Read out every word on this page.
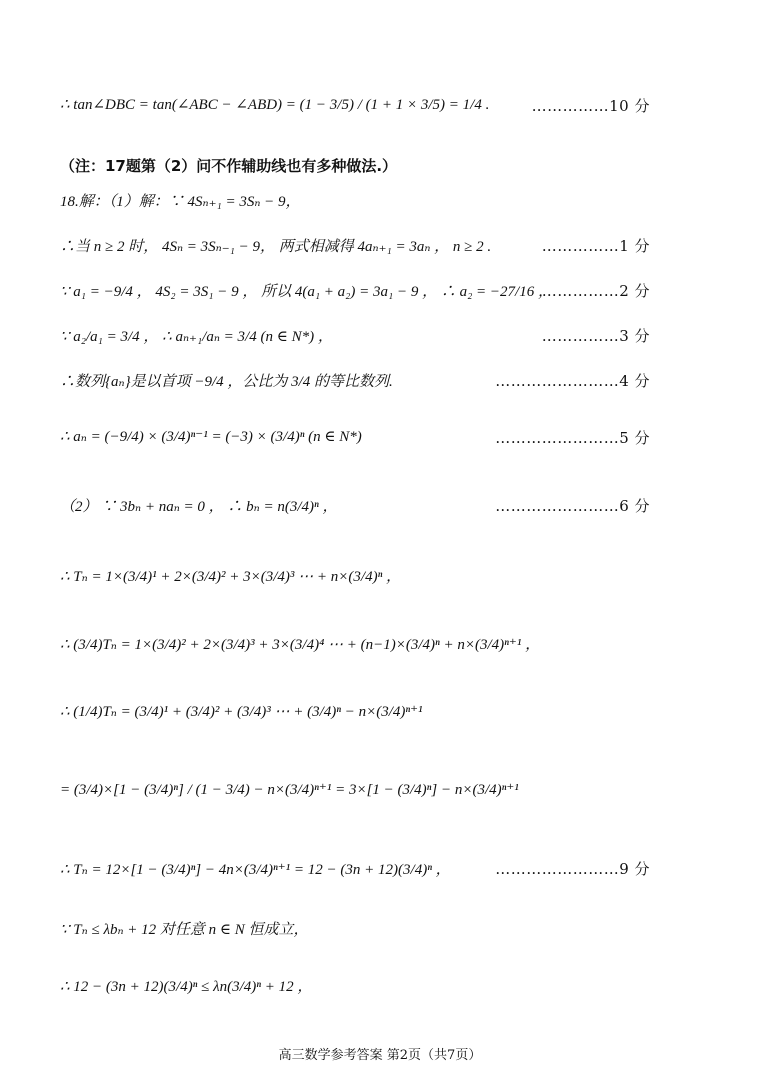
∴ tan∠DBC = tan(∠ABC − ∠ABD) = (1 − 3/5) / (1 + 1 × 3/5) = 1/4 .	……………10 分
（注：17题第（2）问不作辅助线也有多种做法.）
18.解：（1）解：∵ 4Sₙ₊₁ = 3Sₙ − 9，
∴当 n ≥ 2 时， 4Sₙ = 3Sₙ₋₁ − 9， 两式相减得 4aₙ₊₁ = 3aₙ ， n ≥ 2 .	……………1 分
∵ a₁ = −9/4 ， 4S₂ = 3S₁ − 9 ， 所以 4(a₁ + a₂) = 3a₁ − 9 ， ∴ a₂ = −27/16 ，
……………2 分
∵ a₂/a₁ = 3/4 ， ∴ aₙ₊₁/aₙ = 3/4 (n ∈ N*) ，	……………3 分
∴数列{aₙ}是以首项 −9/4 ，公比为 3/4 的等比数列.	……………………4 分
∴ aₙ = (−9/4) × (3/4)ⁿ⁻¹ = (−3) × (3/4)ⁿ (n ∈ N*)	……………………5 分
（2） ∵ 3bₙ + naₙ = 0 ， ∴ bₙ = n(3/4)ⁿ ，	……………………6 分
∴ Tₙ = 1×(3/4)¹ + 2×(3/4)² + 3×(3/4)³ ⋯ + n×(3/4)ⁿ ，
∴ (3/4)Tₙ = 1×(3/4)² + 2×(3/4)³ + 3×(3/4)⁴ ⋯ + (n−1)×(3/4)ⁿ + n×(3/4)ⁿ⁺¹ ，
∴ (1/4)Tₙ = (3/4)¹ + (3/4)² + (3/4)³ ⋯ + (3/4)ⁿ − n×(3/4)ⁿ⁺¹
= (3/4)×[1 − (3/4)ⁿ] / (1 − 3/4) − n×(3/4)ⁿ⁺¹ = 3×[1 − (3/4)ⁿ] − n×(3/4)ⁿ⁺¹
∴ Tₙ = 12×[1 − (3/4)ⁿ] − 4n×(3/4)ⁿ⁺¹ = 12 − (3n + 12)(3/4)ⁿ ，	……………………9 分
∵ Tₙ ≤ λbₙ + 12 对任意 n ∈ N 恒成立，
∴ 12 − (3n + 12)(3/4)ⁿ ≤ λn(3/4)ⁿ + 12 ，
高三数学参考答案 第2页（共7页）
